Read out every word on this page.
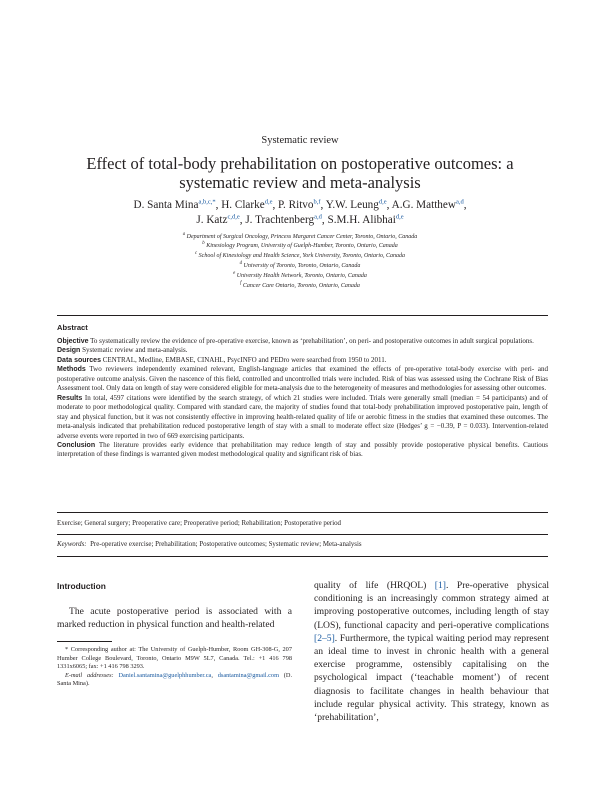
Systematic review
Effect of total-body prehabilitation on postoperative outcomes: a
systematic review and meta-analysis
D. Santa Mina$^{a,b,c,*}$, H. Clarke$^{d,e}$, P. Ritvo$^{b,f}$, Y.W. Leung$^{d,e}$, A.G. Matthew$^{a,d}$,
J. Katz$^{c,d,e}$, J. Trachtenberg$^{a,d}$, S.M.H. Alibhai$^{d,e}$
$^a$ Department of Surgical Oncology, Princess Margaret Cancer Center, Toronto, Ontario, Canada
$^b$ Kinesiology Program, University of Guelph-Humber, Toronto, Ontario, Canada
$^c$ School of Kinesiology and Health Science, York University, Toronto, Ontario, Canada
$^d$ University of Toronto, Toronto, Ontario, Canada
$^e$ University Health Network, Toronto, Ontario, Canada
$^f$ Cancer Care Ontario, Toronto, Ontario, Canada
Abstract
Objective To systematically review the evidence of pre-operative exercise, known as ‘prehabilitation’, on peri- and postoperative outcomes in adult surgical populations.
Design Systematic review and meta-analysis.
Data sources CENTRAL, Medline, EMBASE, CINAHL, PsycINFO and PEDro were searched from 1950 to 2011.
Methods Two reviewers independently examined relevant, English-language articles that examined the effects of pre-operative total-body exercise with peri- and postoperative outcome analysis. Given the nascence of this field, controlled and uncontrolled trials were included. Risk of bias was assessed using the Cochrane Risk of Bias Assessment tool. Only data on length of stay were considered eligible for meta-analysis due to the heterogeneity of measures and methodologies for assessing other outcomes.
Results In total, 4597 citations were identified by the search strategy, of which 21 studies were included. Trials were generally small (median = 54 participants) and of moderate to poor methodological quality. Compared with standard care, the majority of studies found that total-body prehabilitation improved postoperative pain, length of stay and physical function, but it was not consistently effective in improving health-related quality of life or aerobic fitness in the studies that examined these outcomes. The meta-analysis indicated that prehabilitation reduced postoperative length of stay with a small to moderate effect size (Hedges’ g = −0.39, P = 0.033). Intervention-related adverse events were reported in two of 669 exercising participants.
Conclusion The literature provides early evidence that prehabilitation may reduce length of stay and possibly provide postoperative physical benefits. Cautious interpretation of these findings is warranted given modest methodological quality and significant risk of bias.
Exercise; General surgery; Preoperative care; Preoperative period; Rehabilitation; Postoperative period
Keywords: Pre-operative exercise; Prehabilitation; Postoperative outcomes; Systematic review; Meta-analysis
Introduction
The acute postoperative period is associated with a marked reduction in physical function and health-related
* Corresponding author at: The University of Guelph-Humber, Room GH-308-G, 207 Humber College Boulevard, Toronto, Ontario M9W 5L7, Canada. Tel.: +1 416 798 1331x6065; fax: +1 416 798 3293.
E-mail addresses: Daniel.santamina@guelphhumber.ca, dsantamina@gmail.com (D. Santa Mina).
quality of life (HRQOL) [1]. Pre-operative physical conditioning is an increasingly common strategy aimed at improving postoperative outcomes, including length of stay (LOS), functional capacity and peri-operative complications [2–5]. Furthermore, the typical waiting period may represent an ideal time to invest in chronic health with a general exercise programme, ostensibly capitalising on the psychological impact (‘teachable moment’) of recent diagnosis to facilitate changes in health behaviour that include regular physical activity. This strategy, known as ‘prehabilitation’,
